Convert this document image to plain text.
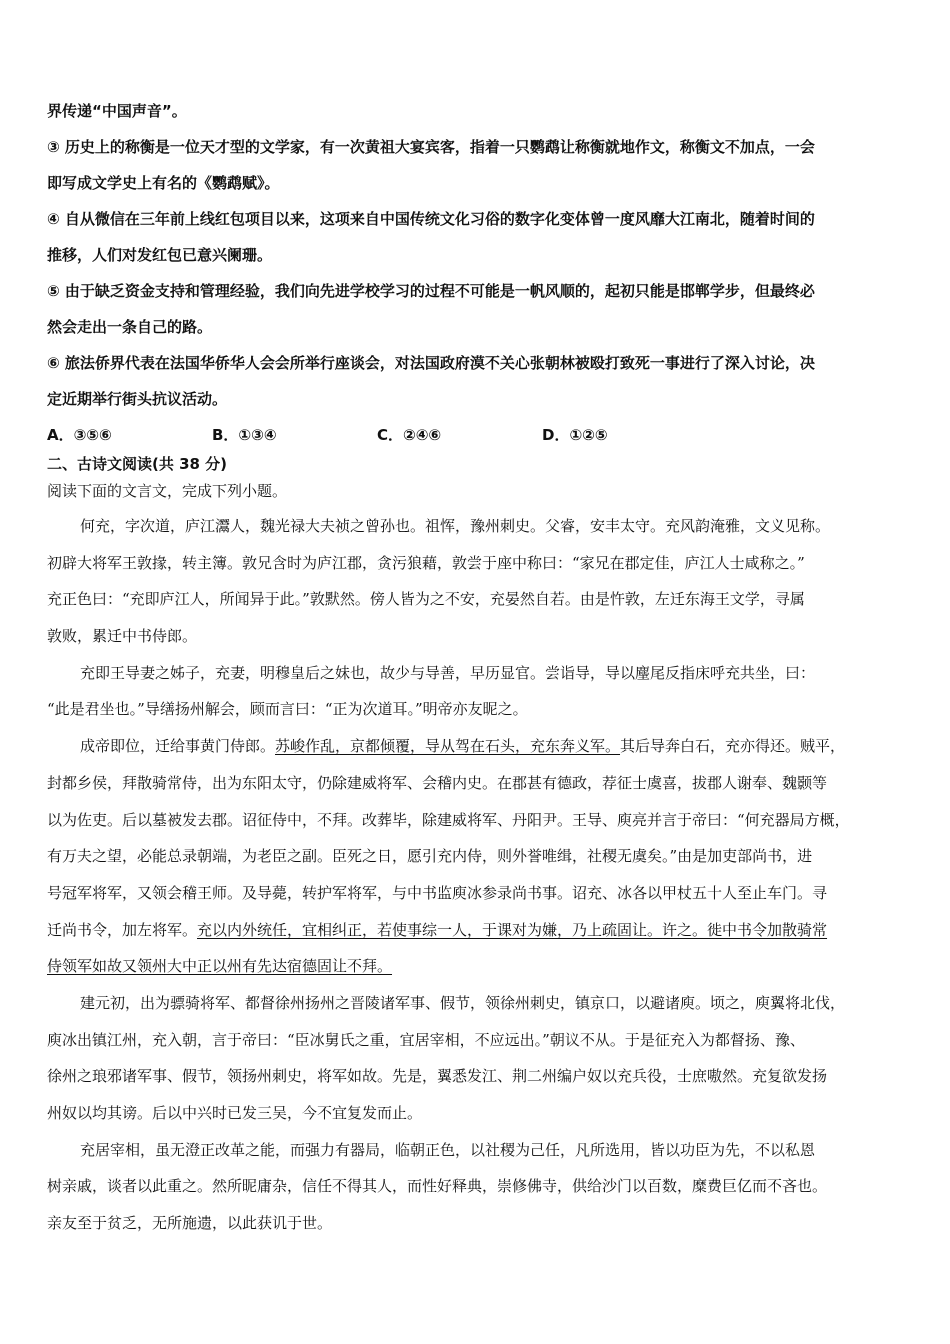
界传递“中国声音”。
③ 历史上的称衡是一位天才型的文学家，有一次黄祖大宴宾客，指着一只鹦鹉让称衡就地作文，称衡文不加点，一会
即写成文学史上有名的《鹦鹉赋》。
④ 自从微信在三年前上线红包项目以来，这项来自中国传统文化习俗的数字化变体曾一度风靡大江南北，随着时间的
推移，人们对发红包已意兴阑珊。
⑤ 由于缺乏资金支持和管理经验，我们向先进学校学习的过程不可能是一帆风顺的，起初只能是邯郸学步，但最终必
然会走出一条自己的路。
⑥ 旅法侨界代表在法国华侨华人会会所举行座谈会，对法国政府漠不关心张朝林被殴打致死一事进行了深入讨论，决
定近期举行街头抗议活动。
A．③⑤⑥	B．①③④	C．②④⑥	D．①②⑤
二、古诗文阅读(共 38 分)
阅读下面的文言文，完成下列小题。
何充，字次道，庐江灊人，魏光禄大夫祯之曾孙也。祖恽，豫州刺史。父睿，安丰太守。充风韵淹雅，文义见称。
初辟大将军王敦掾，转主簿。敦兄含时为庐江郡，贪污狼藉，敦尝于座中称曰：“家兄在郡定佳，庐江人士咸称之。”
充正色曰：“充即庐江人，所闻异于此。”敦默然。傍人皆为之不安，充晏然自若。由是忤敦，左迁东海王文学，寻属
敦败，累迁中书侍郎。
充即王导妻之姊子，充妻，明穆皇后之妹也，故少与导善，早历显官。尝诣导，导以麈尾反指床呼充共坐，曰：
“此是君坐也。”导缮扬州解会，顾而言曰：“正为次道耳。”明帝亦友昵之。
成帝即位，迁给事黄门侍郎。苏峻作乱，京都倾覆，导从驾在石头，充东奔义军。其后导奔白石，充亦得还。贼平，
封都乡侯，拜散骑常侍，出为东阳太守，仍除建威将军、会稽内史。在郡甚有德政，荐征士虞喜，拔郡人谢奉、魏颢等
以为佐吏。后以墓被发去郡。诏征侍中，不拜。改葬毕，除建威将军、丹阳尹。王导、庾亮并言于帝曰：“何充器局方概，
有万夫之望，必能总录朝端，为老臣之副。臣死之日，愿引充内侍，则外誉唯缉，社稷无虞矣。”由是加吏部尚书，进
号冠军将军，又领会稽王师。及导薨，转护军将军，与中书监庾冰参录尚书事。诏充、冰各以甲杖五十人至止车门。寻
迁尚书令，加左将军。充以内外统任，宜相纠正，若使事综一人，于课对为嫌，乃上疏固让。许之。徙中书令加散骑常
侍领军如故又领州大中正以州有先达宿德固让不拜。
建元初，出为骠骑将军、都督徐州扬州之晋陵诸军事、假节，领徐州刺史，镇京口，以避诸庾。顷之，庾翼将北伐，
庾冰出镇江州，充入朝，言于帝曰：“臣冰舅氏之重，宜居宰相，不应远出。”朝议不从。于是征充入为都督扬、豫、
徐州之琅邪诸军事、假节，领扬州刺史，将军如故。先是，翼悉发江、荆二州编户奴以充兵役，士庶嗷然。充复欲发扬
州奴以均其谤。后以中兴时已发三吴，今不宜复发而止。
充居宰相，虽无澄正改革之能，而强力有器局，临朝正色，以社稷为己任，凡所选用，皆以功臣为先，不以私恩
树亲戚，谈者以此重之。然所昵庸杂，信任不得其人，而性好释典，崇修佛寺，供给沙门以百数，糜费巨亿而不吝也。
亲友至于贫乏，无所施遗，以此获讥于世。
